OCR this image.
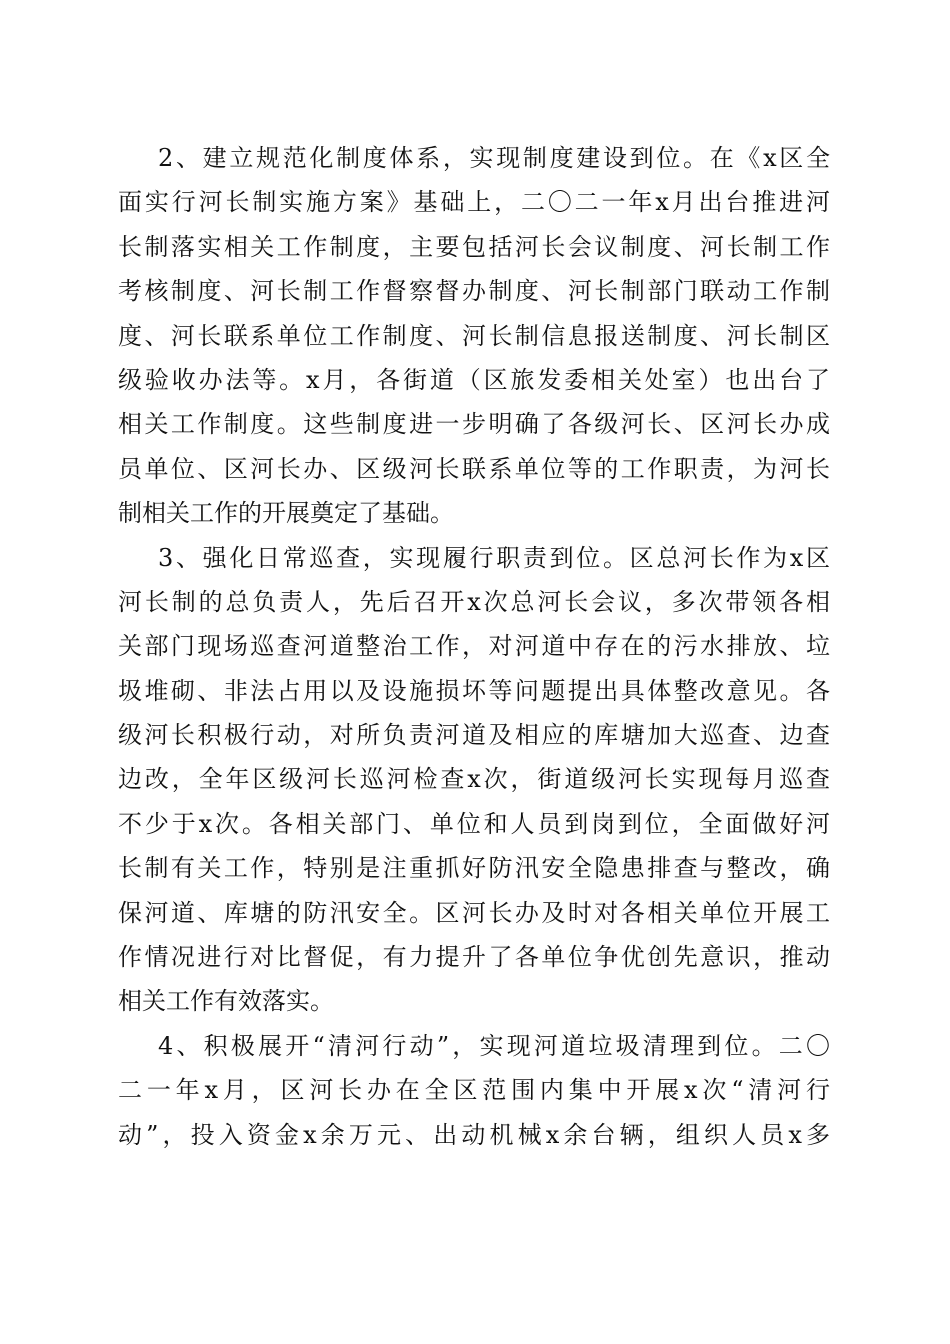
2、建立规范化制度体系，实现制度建设到位。在《x区全
面实行河长制实施方案》基础上，二〇二一年x月出台推进河
长制落实相关工作制度，主要包括河长会议制度、河长制工作
考核制度、河长制工作督察督办制度、河长制部门联动工作制
度、河长联系单位工作制度、河长制信息报送制度、河长制区
级验收办法等。x月，各街道（区旅发委相关处室）也出台了
相关工作制度。这些制度进一步明确了各级河长、区河长办成
员单位、区河长办、区级河长联系单位等的工作职责，为河长
制相关工作的开展奠定了基础。
3、强化日常巡查，实现履行职责到位。区总河长作为x区
河长制的总负责人，先后召开x次总河长会议，多次带领各相
关部门现场巡查河道整治工作，对河道中存在的污水排放、垃
圾堆砌、非法占用以及设施损坏等问题提出具体整改意见。各
级河长积极行动，对所负责河道及相应的库塘加大巡查、边查
边改，全年区级河长巡河检查x次，街道级河长实现每月巡查
不少于x次。各相关部门、单位和人员到岗到位，全面做好河
长制有关工作，特别是注重抓好防汛安全隐患排查与整改，确
保河道、库塘的防汛安全。区河长办及时对各相关单位开展工
作情况进行对比督促，有力提升了各单位争优创先意识，推动
相关工作有效落实。
4、积极展开“清河行动”，实现河道垃圾清理到位。二〇
二一年x月，区河长办在全区范围内集中开展x次“清河行
动”，投入资金x余万元、出动机械x余台辆，组织人员x多
